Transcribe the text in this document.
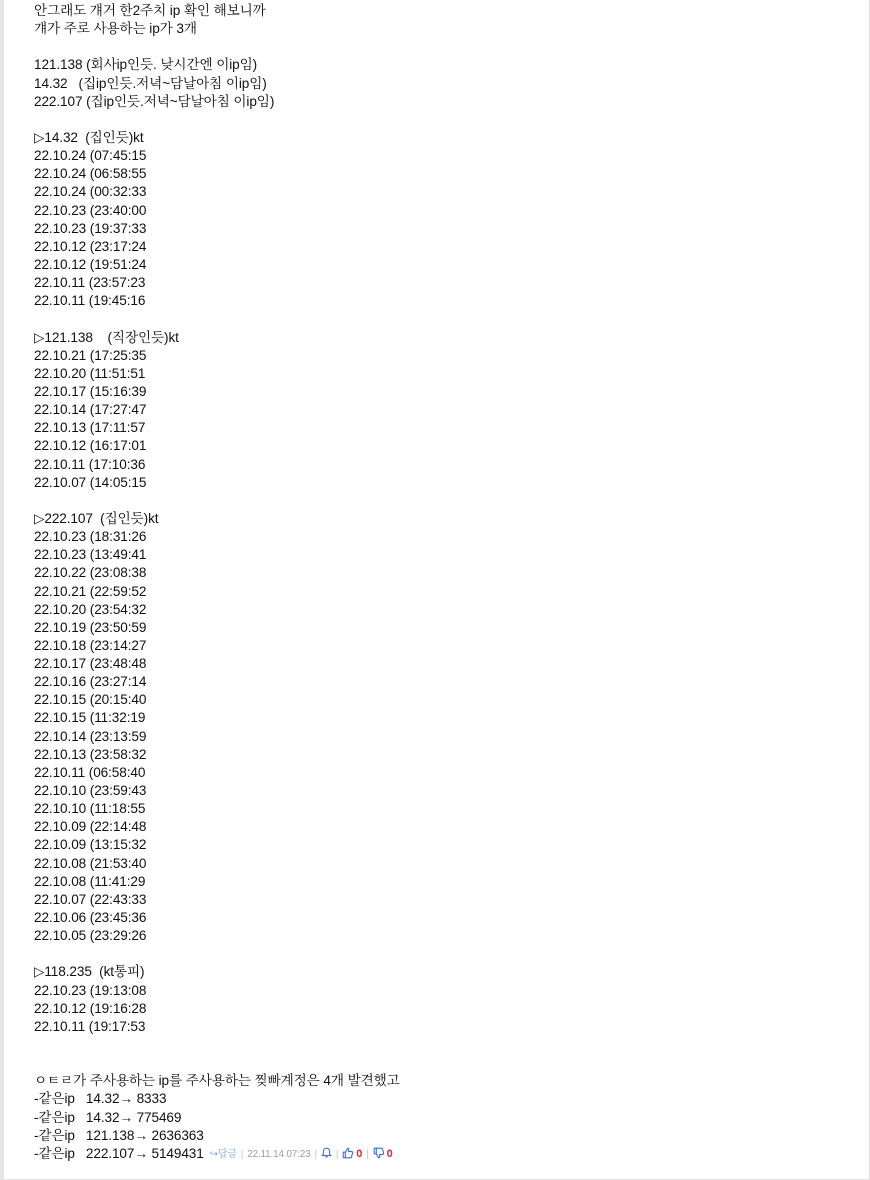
안그래도 걔거 한2주치 ip 확인 해보니까
걔가 주로 사용하는 ip가 3개
121.138 (회사ip인듯. 낮시간엔 이ip임)
14.32   (집ip인듯.저녁~담날아침 이ip임)
222.107 (집ip인듯.저녁~담날아침 이ip임)
▷14.32  (집인듯)kt
22.10.24 (07:45:15
22.10.24 (06:58:55
22.10.24 (00:32:33
22.10.23 (23:40:00
22.10.23 (19:37:33
22.10.12 (23:17:24
22.10.12 (19:51:24
22.10.11 (23:57:23
22.10.11 (19:45:16
▷121.138    (직장인듯)kt
22.10.21 (17:25:35
22.10.20 (11:51:51
22.10.17 (15:16:39
22.10.14 (17:27:47
22.10.13 (17:11:57
22.10.12 (16:17:01
22.10.11 (17:10:36
22.10.07 (14:05:15
▷222.107  (집인듯)kt
22.10.23 (18:31:26
22.10.23 (13:49:41
22.10.22 (23:08:38
22.10.21 (22:59:52
22.10.20 (23:54:32
22.10.19 (23:50:59
22.10.18 (23:14:27
22.10.17 (23:48:48
22.10.16 (23:27:14
22.10.15 (20:15:40
22.10.15 (11:32:19
22.10.14 (23:13:59
22.10.13 (23:58:32
22.10.11 (06:58:40
22.10.10 (23:59:43
22.10.10 (11:18:55
22.10.09 (22:14:48
22.10.09 (13:15:32
22.10.08 (21:53:40
22.10.08 (11:41:29
22.10.07 (22:43:33
22.10.06 (23:45:36
22.10.05 (23:29:26
▷118.235  (kt통피)
22.10.23 (19:13:08
22.10.12 (19:16:28
22.10.11 (19:17:53
ㅇㅌㄹ가 주사용하는 ip를 주사용하는 찢빠계정은 4개 발견했고
-같은ip   14.32→ 8333
-같은ip   14.32→ 775469
-같은ip   121.138→ 2636363
-같은ip   222.107→ 5149431 ↪답글 | 22.11.14 07:23 | | 0 | 0
